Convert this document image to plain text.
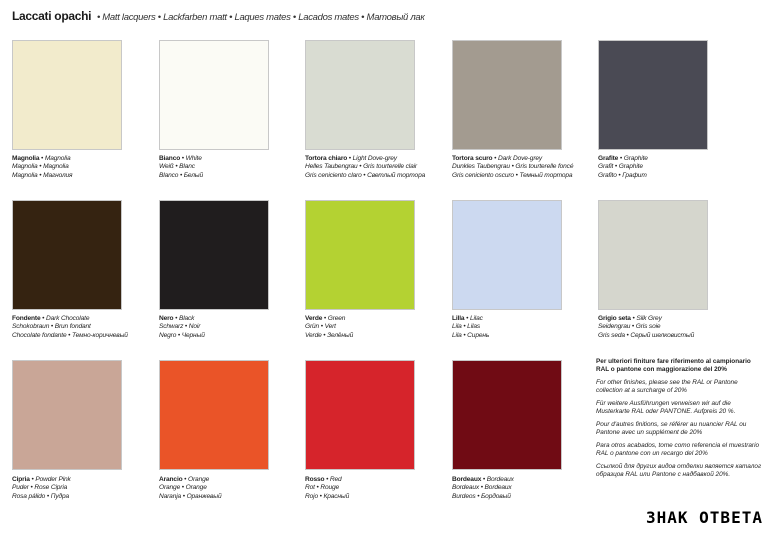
Laccati opachi • Matt lacquers • Lackfarben matt • Laques mates • Lacados mates • Матовый лак
Magnolia • Magnolia
Magnolia • Magnolia
Magnolia • Магнолия
Bianco • White
Weiß • Blanc
Blanco • Белый
Tortora chiaro • Light Dove-grey
Helles Taubengrau • Gris tourterelle clair
Gris ceniciento claro • Светлый тортора
Tortora scuro • Dark Dove-grey
Dunkles Taubengrau • Gris tourterelle foncé
Gris ceniciento oscuro • Темный тортора
Grafite • Graphite
Grafit • Graphite
Grafito • Графит
Fondente • Dark Chocolate
Schokobraun • Brun fondant
Chocolate fondante • Темно-коричневый
Nero • Black
Schwarz • Noir
Negro • Черный
Verde • Green
Grün • Vert
Verde • Зелёный
Lilla • Lilac
Lila • Lilas
Lila • Сирень
Grigio seta • Silk Grey
Seidengrau • Gris soie
Gris seda • Серый шелковистый
Cipria • Powder Pink
Puder • Rose Cipria
Rosa pálido • Пудра
Arancio • Orange
Orange • Orange
Naranja • Оранжевый
Rosso • Red
Rot • Rouge
Rojo • Красный
Bordeaux • Bordeaux
Bordeaux • Bordeaux
Burdeos • Бордовый

Per ulteriori finiture fare riferimento al campionario RAL o pantone con maggiorazione del 20%

For other finishes, please see the RAL or Pantone collection at a surcharge of 20%

Für weitere Ausführungen verweisen wir auf die Musterkarte RAL oder PANTONE. Aufpreis 20 %.

Pour d'autres finitions, se référer au nuancier RAL ou Pantone avec un supplément de 20%

Para otros acabados, tome como referencia el muestrario RAL o pantone con un recargo del 20%

Ссылкой для других видов отделки является каталог образцов RAL или Pantone с надбавкой 20%.

ЗНАК ОТВЕТА
